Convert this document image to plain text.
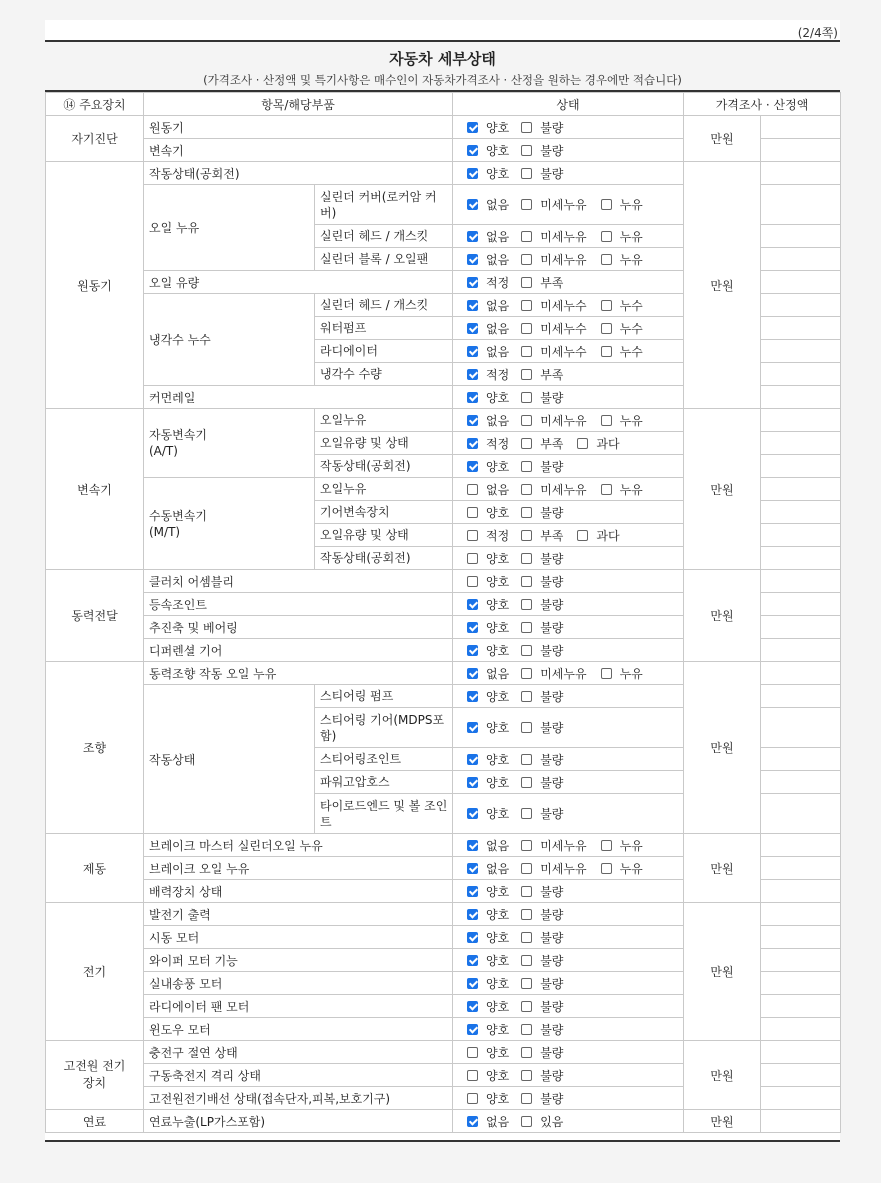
(2/4쪽)
자동차 세부상태
(가격조사 · 산정액 및 특기사항은 매수인이 자동차가격조사 · 산정을 원하는 경우에만 적습니다)
⑭ 주요장치	항목/해당부품		상태	가격조사 · 산정액	
자기진단	원동기		양호 불량	만원	
	변속기		양호 불량		

원동기	작동상태(공회전)		양호 불량	만원	
	오일 누유	실린더 커버(로커암 커버)	없음 미세누유 누유		

		실린더 헤드 / 개스킷	없음 미세누유 누유		

		실린더 블록 / 오일팬	없음 미세누유 누유		

	오일 유량		적정 부족		

	냉각수 누수	실린더 헤드 / 개스킷	없음 미세누수 누수		

		워터펌프	없음 미세누수 누수		

		라디에이터	없음 미세누수 누수		

		냉각수 수량	적정 부족		

	커먼레일		양호 불량		

변속기	자동변속기
(A/T)	오일누유	없음 미세누유 누유	만원	
		오일유량 및 상태	적정 부족 과다		

		작동상태(공회전)	양호 불량		

	수동변속기
(M/T)	오일누유	없음 미세누유 누유		

		기어변속장치	양호 불량		

		오일유량 및 상태	적정 부족 과다		

		작동상태(공회전)	양호 불량		

동력전달	클러치 어셈블리		양호 불량	만원	
	등속조인트		양호 불량		

	추진축 및 베어링		양호 불량		

	디퍼렌셜 기어		양호 불량		

조향	동력조향 작동 오일 누유		없음 미세누유 누유	만원	
	작동상태	스티어링 펌프	양호 불량		

		스티어링 기어(MDPS포함)	양호 불량		

		스티어링조인트	양호 불량		

		파워고압호스	양호 불량		

		타이로드엔드 및 볼 조인트	양호 불량		

제동	브레이크 마스터 실린더오일 누유		없음 미세누유 누유	만원	
	브레이크 오일 누유		없음 미세누유 누유		

	배력장치 상태		양호 불량		

전기	발전기 출력		양호 불량	만원	
	시동 모터		양호 불량		

	와이퍼 모터 기능		양호 불량		

	실내송풍 모터		양호 불량		

	라디에이터 팬 모터		양호 불량		

	윈도우 모터		양호 불량		

고전원 전기장치	충전구 절연 상태		양호 불량	만원	
	구동축전지 격리 상태		양호 불량		

	고전원전기배선 상태(접속단자,피복,보호기구)		양호 불량		

연료	연료누출(LP가스포함)		없음 있음	만원	
